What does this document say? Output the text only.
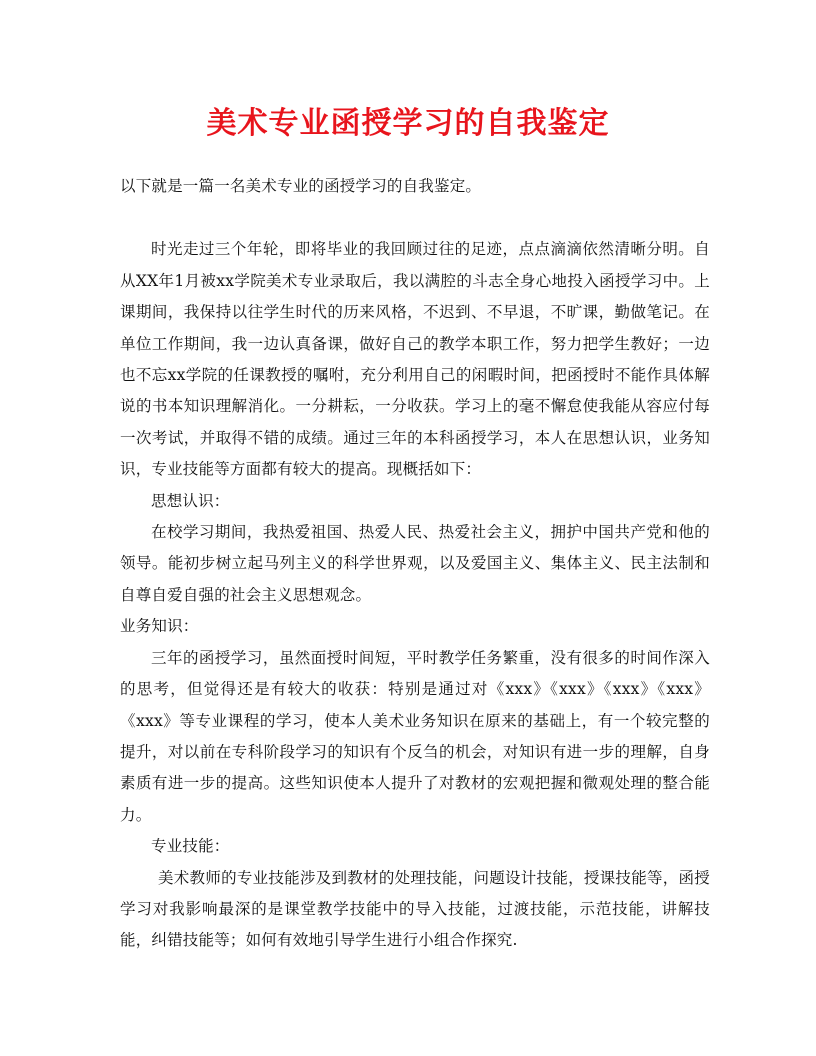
美术专业函授学习的自我鉴定

以下就是一篇一名美术专业的函授学习的自我鉴定。

时光走过三个年轮，即将毕业的我回顾过往的足迹，点点滴滴依然清晰分明。自从XX年1月被xx学院美术专业录取后，我以满腔的斗志全身心地投入函授学习中。上课期间，我保持以往学生时代的历来风格，不迟到、不早退，不旷课，勤做笔记。在单位工作期间，我一边认真备课，做好自己的教学本职工作，努力把学生教好；一边也不忘xx学院的任课教授的嘱咐，充分利用自己的闲暇时间，把函授时不能作具体解说的书本知识理解消化。一分耕耘，一分收获。学习上的毫不懈怠使我能从容应付每一次考试，并取得不错的成绩。通过三年的本科函授学习，本人在思想认识，业务知识，专业技能等方面都有较大的提高。现概括如下：

思想认识：

在校学习期间，我热爱祖国、热爱人民、热爱社会主义，拥护中国共产党和他的领导。能初步树立起马列主义的科学世界观，以及爱国主义、集体主义、民主法制和自尊自爱自强的社会主义思想观念。

业务知识：

三年的函授学习，虽然面授时间短，平时教学任务繁重，没有很多的时间作深入的思考，但觉得还是有较大的收获：特别是通过对《xxx》《xxx》《xxx》《xxx》《xxx》等专业课程的学习，使本人美术业务知识在原来的基础上，有一个较完整的提升，对以前在专科阶段学习的知识有个反刍的机会，对知识有进一步的理解，自身素质有进一步的提高。这些知识使本人提升了对教材的宏观把握和微观处理的整合能力。

专业技能：

美术教师的专业技能涉及到教材的处理技能，问题设计技能，授课技能等，函授学习对我影响最深的是课堂教学技能中的导入技能，过渡技能，示范技能，讲解技能，纠错技能等；如何有效地引导学生进行小组合作探究.
